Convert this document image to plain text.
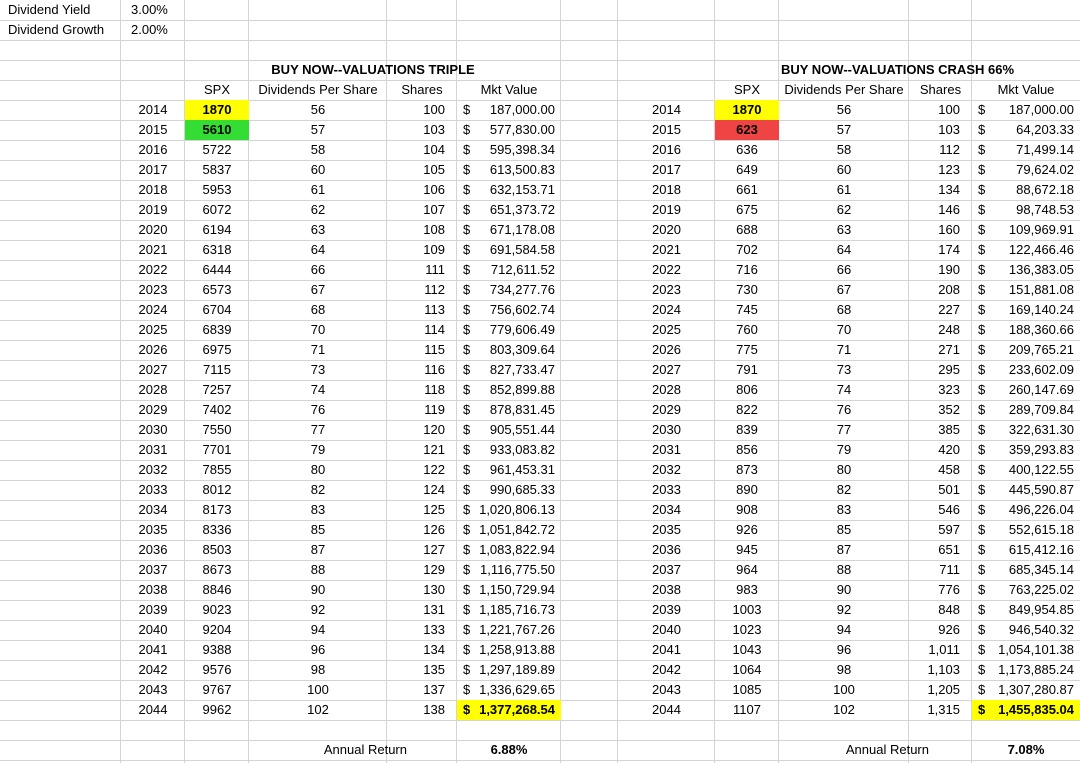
Dividend Yield	3.00%
Dividend Growth	2.00%
BUY NOW--VALUATIONS TRIPLE
SPX	Dividends Per Share	Shares	Mkt Value
2014	1870	56	100	$ 187,000.00
2015	5610	57	103	$ 577,830.00
2016	5722	58	104	$ 595,398.34
2017	5837	60	105	$ 613,500.83
2018	5953	61	106	$ 632,153.71
2019	6072	62	107	$ 651,373.72
2020	6194	63	108	$ 671,178.08
2021	6318	64	109	$ 691,584.58
2022	6444	66	111	$ 712,611.52
2023	6573	67	112	$ 734,277.76
2024	6704	68	113	$ 756,602.74
2025	6839	70	114	$ 779,606.49
2026	6975	71	115	$ 803,309.64
2027	7115	73	116	$ 827,733.47
2028	7257	74	118	$ 852,899.88
2029	7402	76	119	$ 878,831.45
2030	7550	77	120	$ 905,551.44
2031	7701	79	121	$ 933,083.82
2032	7855	80	122	$ 961,453.31
2033	8012	82	124	$ 990,685.33
2034	8173	83	125	$ 1,020,806.13
2035	8336	85	126	$ 1,051,842.72
2036	8503	87	127	$ 1,083,822.94
2037	8673	88	129	$ 1,116,775.50
2038	8846	90	130	$ 1,150,729.94
2039	9023	92	131	$ 1,185,716.73
2040	9204	94	133	$ 1,221,767.26
2041	9388	96	134	$ 1,258,913.88
2042	9576	98	135	$ 1,297,189.89
2043	9767	100	137	$ 1,336,629.65
2044	9962	102	138	$ 1,377,268.54
Annual Return	6.88%
BUY NOW--VALUATIONS CRASH 66%
SPX	Dividends Per Share	Shares	Mkt Value
2014	1870	56	100	$ 187,000.00
2015	623	57	103	$ 64,203.33
2016	636	58	112	$ 71,499.14
2017	649	60	123	$ 79,624.02
2018	661	61	134	$ 88,672.18
2019	675	62	146	$ 98,748.53
2020	688	63	160	$ 109,969.91
2021	702	64	174	$ 122,466.46
2022	716	66	190	$ 136,383.05
2023	730	67	208	$ 151,881.08
2024	745	68	227	$ 169,140.24
2025	760	70	248	$ 188,360.66
2026	775	71	271	$ 209,765.21
2027	791	73	295	$ 233,602.09
2028	806	74	323	$ 260,147.69
2029	822	76	352	$ 289,709.84
2030	839	77	385	$ 322,631.30
2031	856	79	420	$ 359,293.83
2032	873	80	458	$ 400,122.55
2033	890	82	501	$ 445,590.87
2034	908	83	546	$ 496,226.04
2035	926	85	597	$ 552,615.18
2036	945	87	651	$ 615,412.16
2037	964	88	711	$ 685,345.14
2038	983	90	776	$ 763,225.02
2039	1003	92	848	$ 849,954.85
2040	1023	94	926	$ 946,540.32
2041	1043	96	1,011	$ 1,054,101.38
2042	1064	98	1,103	$ 1,173,885.24
2043	1085	100	1,205	$ 1,307,280.87
2044	1107	102	1,315	$ 1,455,835.04
Annual Return	7.08%
